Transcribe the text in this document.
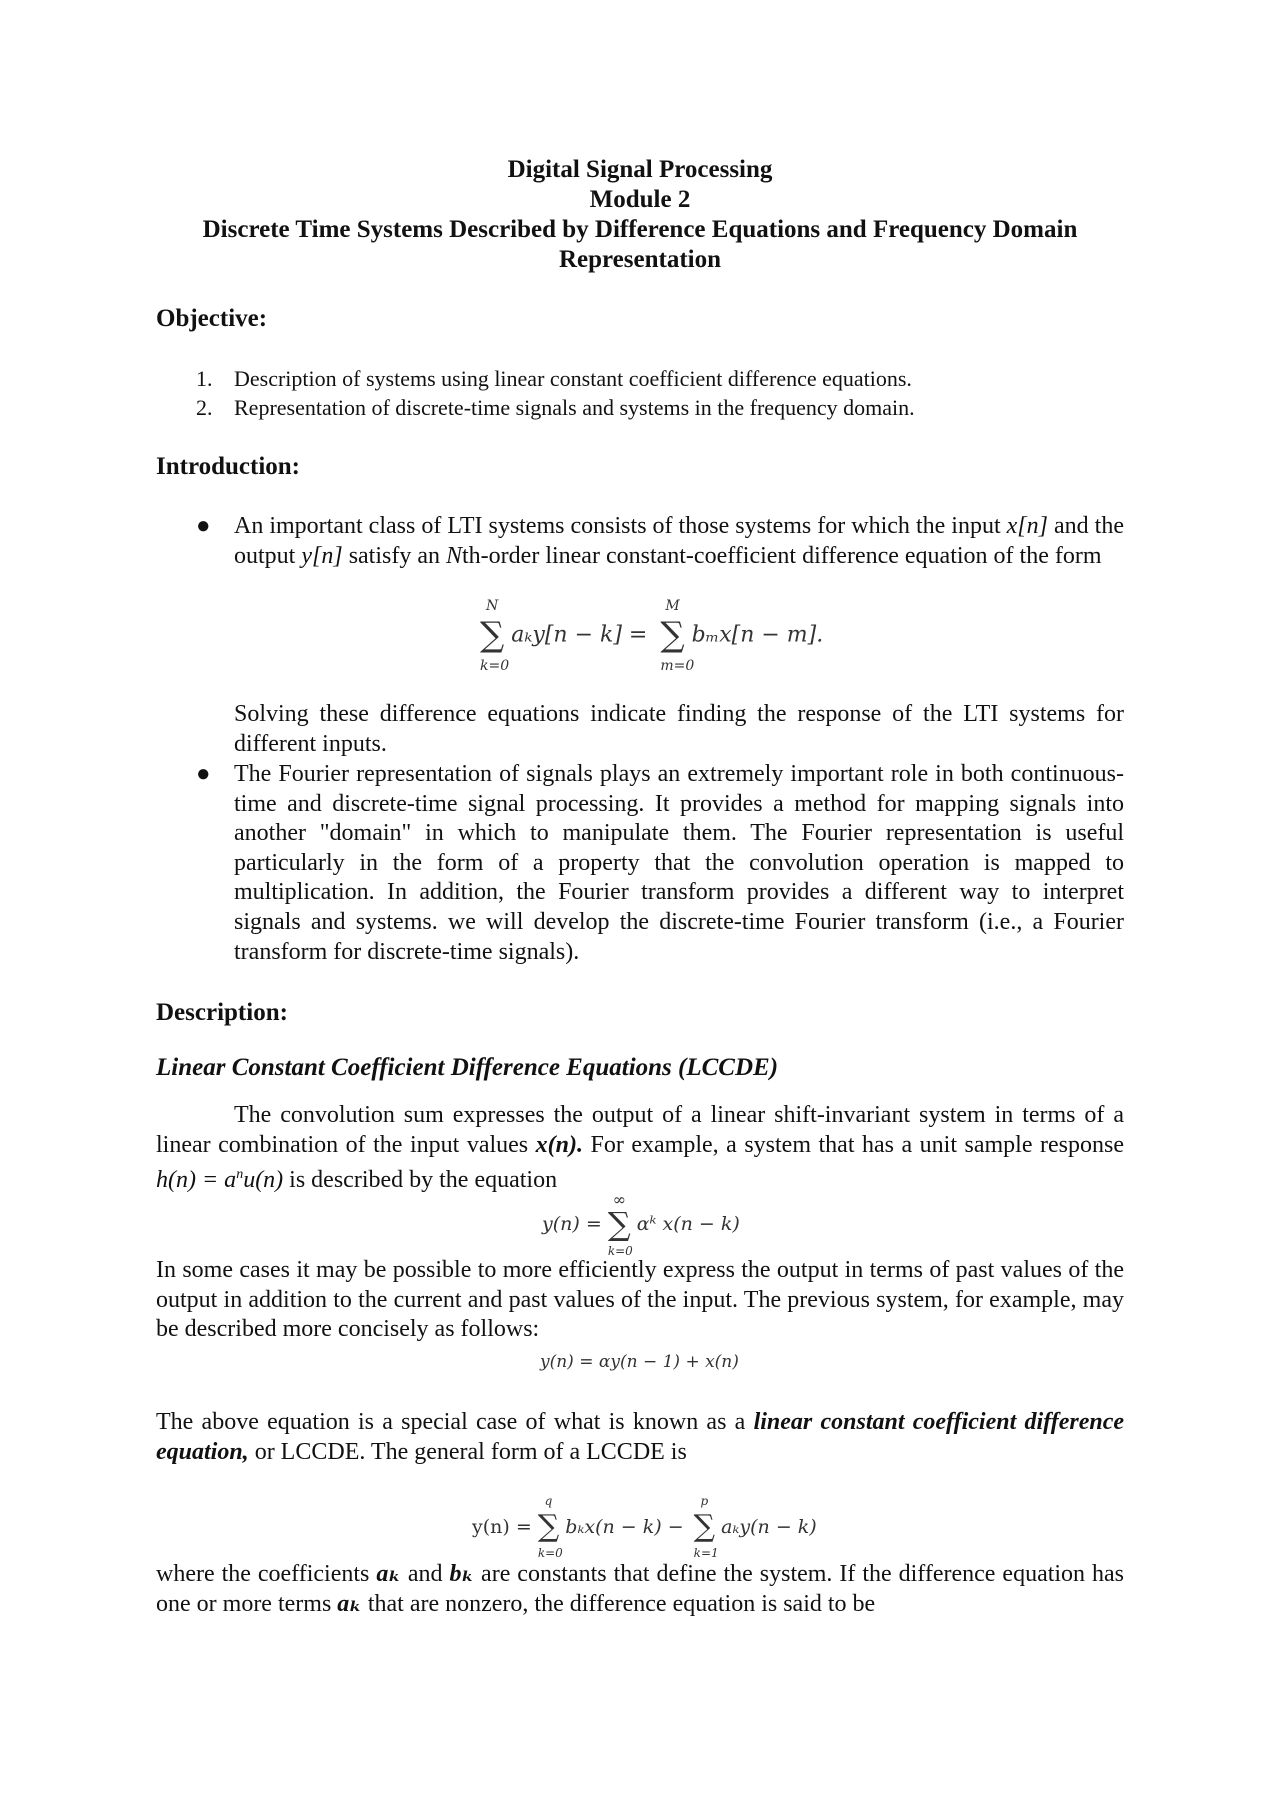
Digital Signal Processing
Module 2
Discrete Time Systems Described by Difference Equations and Frequency Domain
Representation
Objective:
1. Description of systems using linear constant coefficient difference equations.
2. Representation of discrete-time signals and systems in the frequency domain.
Introduction:
● An important class of LTI systems consists of those systems for which the input x[n] and the output y[n] satisfy an Nth-order linear constant-coefficient difference equation of the form
N
∑
k=0
aₖy[n − k] =
M
∑
m=0
bₘx[n − m].
Solving these difference equations indicate finding the response of the LTI systems for different inputs.
● The Fourier representation of signals plays an extremely important role in both continuous-time and discrete-time signal processing. It provides a method for mapping signals into another "domain" in which to manipulate them. The Fourier representation is useful particularly in the form of a property that the convolution operation is mapped to multiplication. In addition, the Fourier transform provides a different way to interpret signals and systems. we will develop the discrete-time Fourier transform (i.e., a Fourier transform for discrete-time signals).
Description:
Linear Constant Coefficient Difference Equations (LCCDE)
The convolution sum expresses the output of a linear shift-invariant system in terms of a linear combination of the input values x(n). For example, a system that has a unit sample response $h(n) = a^nu(n)$ is described by the equation
y(n) =
∞
∑
k=0
αᵏ x(n − k)
In some cases it may be possible to more efficiently express the output in terms of past values of the output in addition to the current and past values of the input. The previous system, for example, may be described more concisely as follows:
y(n) = αy(n − 1) + x(n)
The above equation is a special case of what is known as a linear constant coefficient difference equation, or LCCDE. The general form of a LCCDE is
y(n) =
q
∑
k=0
bₖx(n − k) −
p
∑
k=1
aₖy(n − k)
where the coefficients aₖ and bₖ are constants that define the system. If the difference equation has one or more terms aₖ that are nonzero, the difference equation is said to be
